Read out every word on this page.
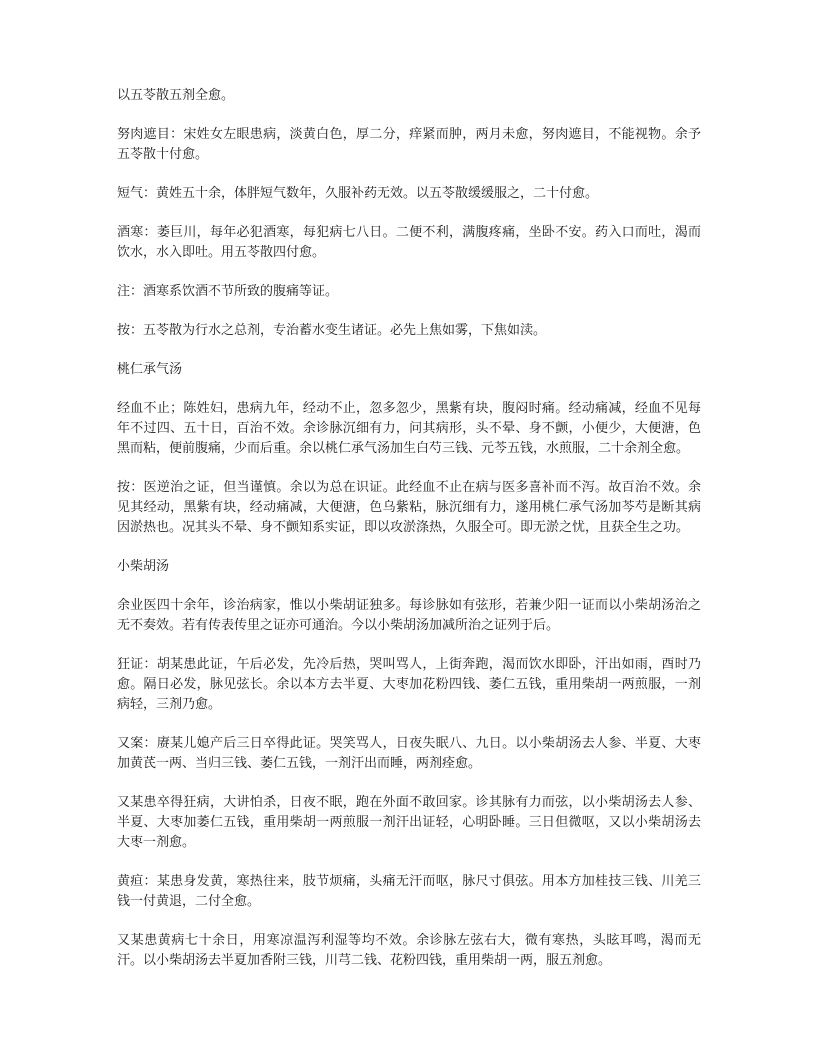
以五苓散五剂全愈。

努肉遮目：宋姓女左眼患病，淡黄白色，厚二分，痒紧而肿，两月未愈，努肉遮目，不能视物。余予五苓散十付愈。

短气：黄姓五十余，体胖短气数年，久服补药无效。以五苓散缓缓服之，二十付愈。

酒寒：萎巨川，每年必犯酒寒，每犯病七八日。二便不利，满腹疼痛，坐卧不安。药入口而吐，渴而饮水，水入即吐。用五苓散四付愈。

注：酒寒系饮酒不节所致的腹痛等证。

按：五苓散为行水之总剂，专治蓄水变生诸证。必先上焦如雾，下焦如渎。

桃仁承气汤

经血不止；陈姓妇，患病九年，经动不止，忽多忽少，黑紫有块，腹闷时痛。经动痛减，经血不见每年不过四、五十日，百治不效。余诊脉沉细有力，问其病形，头不晕、身不颤，小便少，大便溏，色黑而粘，便前腹痛，少而后重。余以桃仁承气汤加生白芍三钱、元芩五钱，水煎服，二十余剂全愈。

按：医逆治之证，但当谨慎。余以为总在识证。此经血不止在病与医多喜补而不泻。故百治不效。余见其经动，黑紫有块，经动痛减，大便溏，色乌紫粘，脉沉细有力，遂用桃仁承气汤加芩芍是断其病因淤热也。况其头不晕、身不颤知系实证，即以攻淤涤热，久服全可。即无淤之忧，且获全生之功。

小柴胡汤

余业医四十余年，诊治病家，惟以小柴胡证独多。每诊脉如有弦形，若兼少阳一证而以小柴胡汤治之无不奏效。若有传表传里之证亦可通治。今以小柴胡汤加减所治之证列于后。

狂证：胡某患此证，午后必发，先冷后热，哭叫骂人，上街奔跑，渴而饮水即卧，汗出如雨，酉时乃愈。隔日必发，脉见弦长。余以本方去半夏、大枣加花粉四钱、萎仁五钱，重用柴胡一两煎服，一剂病轻，三剂乃愈。

又案：赓某儿媳产后三日卒得此证。哭笑骂人，日夜失眠八、九日。以小柴胡汤去人参、半夏、大枣加黄芪一两、当归三钱、萎仁五钱，一剂汗出而睡，两剂痊愈。

又某患卒得狂病，大讲怕杀，日夜不眠，跑在外面不敢回家。诊其脉有力而弦，以小柴胡汤去人参、半夏、大枣加萎仁五钱，重用柴胡一两煎服一剂汗出证轻，心明卧睡。三日但微呕，又以小柴胡汤去大枣一剂愈。

黄疸：某患身发黄，寒热往来，肢节烦痛，头痛无汗而呕，脉尺寸俱弦。用本方加桂技三钱、川羌三钱一付黄退，二付全愈。

又某患黄病七十余日，用寒凉温泻利湿等均不效。余诊脉左弦右大，微有寒热，头眩耳鸣，渴而无汗。以小柴胡汤去半夏加香附三钱，川芎二钱、花粉四钱，重用柴胡一两，服五剂愈。
